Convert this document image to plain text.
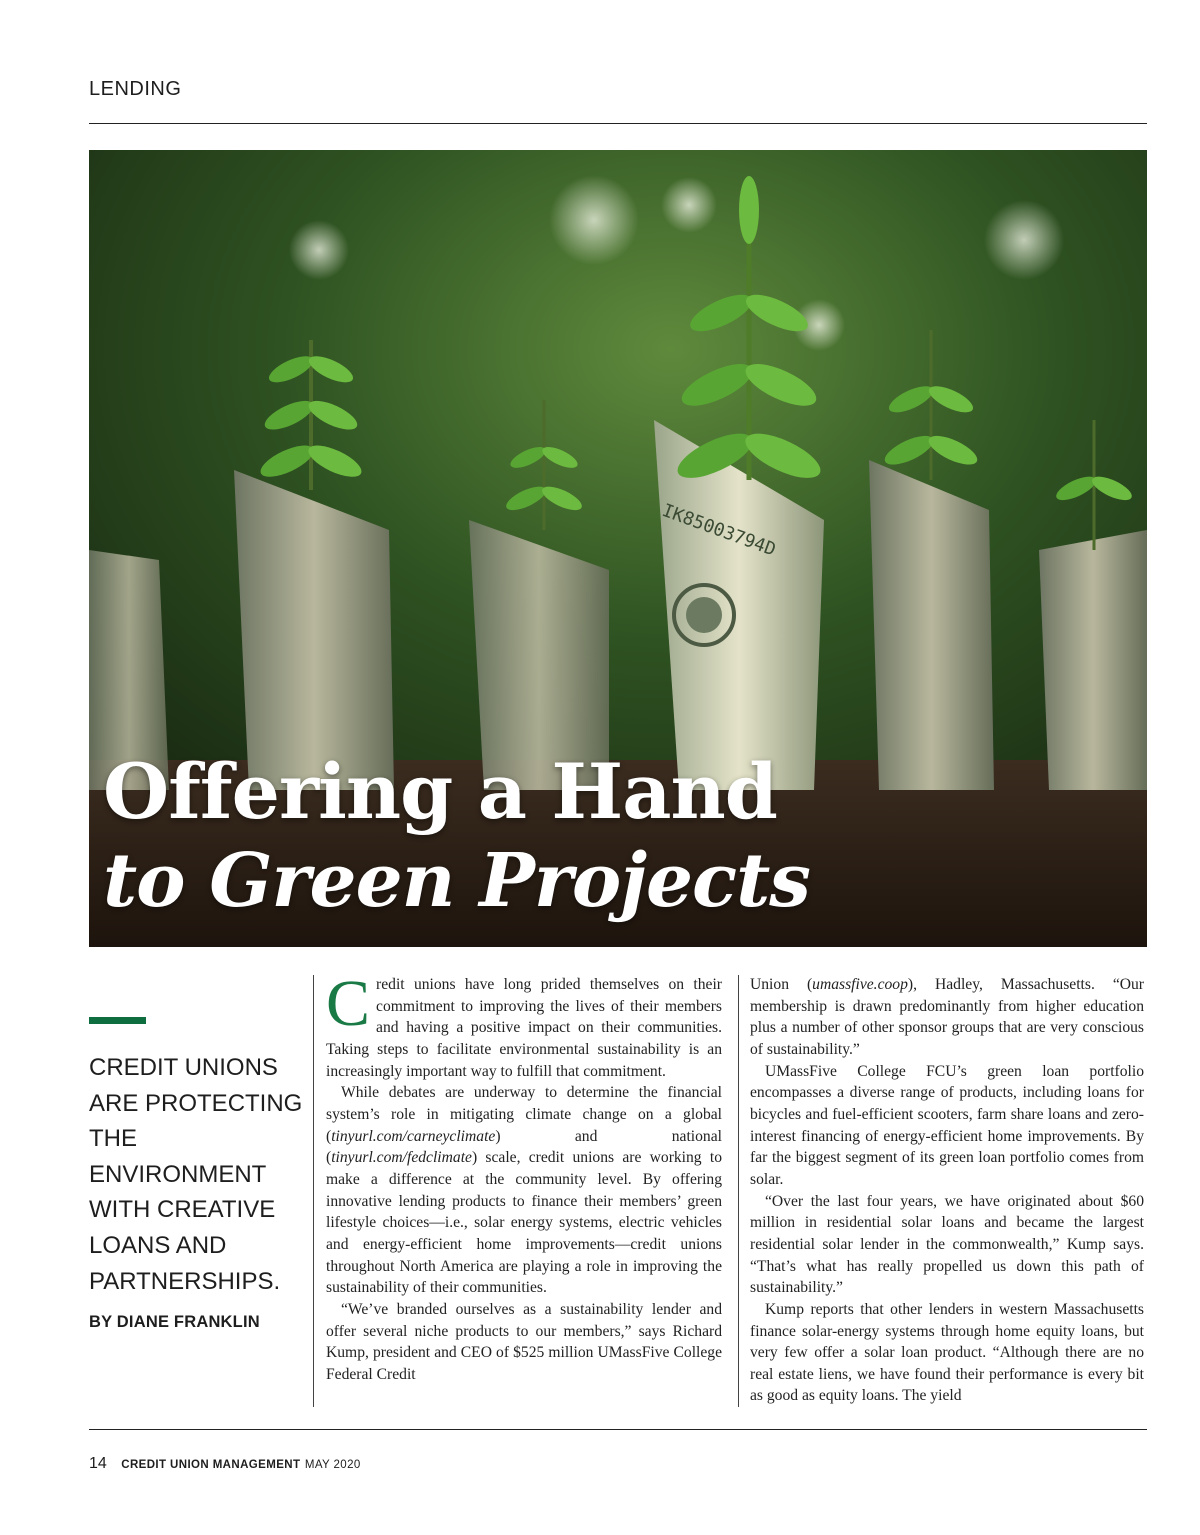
LENDING
IK85003794D
Offering a Hand
to Green Projects
CREDIT UNIONS ARE PROTECTING THE ENVIRONMENT WITH CREATIVE LOANS AND PARTNERSHIPS.
BY DIANE FRANKLIN

Credit unions have long prided themselves on their commitment to improving the lives of their members and having a positive impact on their communities. Taking steps to facilitate environmental sustainability is an increasingly important way to fulfill that commitment.

While debates are underway to determine the financial system’s role in mitigating climate change on a global (tinyurl.com/carneyclimate) and national (tinyurl.com/fedclimate) scale, credit unions are working to make a difference at the community level. By offering innovative lending products to finance their members’ green lifestyle choices—i.e., solar energy systems, electric vehicles and energy-efficient home improvements—credit unions throughout North America are playing a role in improving the sustainability of their communities.

“We’ve branded ourselves as a sustainability lender and offer several niche products to our members,” says Richard Kump, president and CEO of $525 million UMassFive College Federal Credit

Union (umassfive.coop), Hadley, Massachusetts. “Our membership is drawn predominantly from higher education plus a number of other sponsor groups that are very conscious of sustainability.”

UMassFive College FCU’s green loan portfolio encompasses a diverse range of products, including loans for bicycles and fuel-efficient scooters, farm share loans and zero-interest financing of energy-efficient home improvements. By far the biggest segment of its green loan portfolio comes from solar.

“Over the last four years, we have originated about $60 million in residential solar loans and became the largest residential solar lender in the commonwealth,” Kump says. “That’s what has really propelled us down this path of sustainability.”

Kump reports that other lenders in western Massachusetts finance solar-energy systems through home equity loans, but very few offer a solar loan product. “Although there are no real estate liens, we have found their performance is every bit as good as equity loans. The yield

14 CREDIT UNION MANAGEMENT MAY 2020
